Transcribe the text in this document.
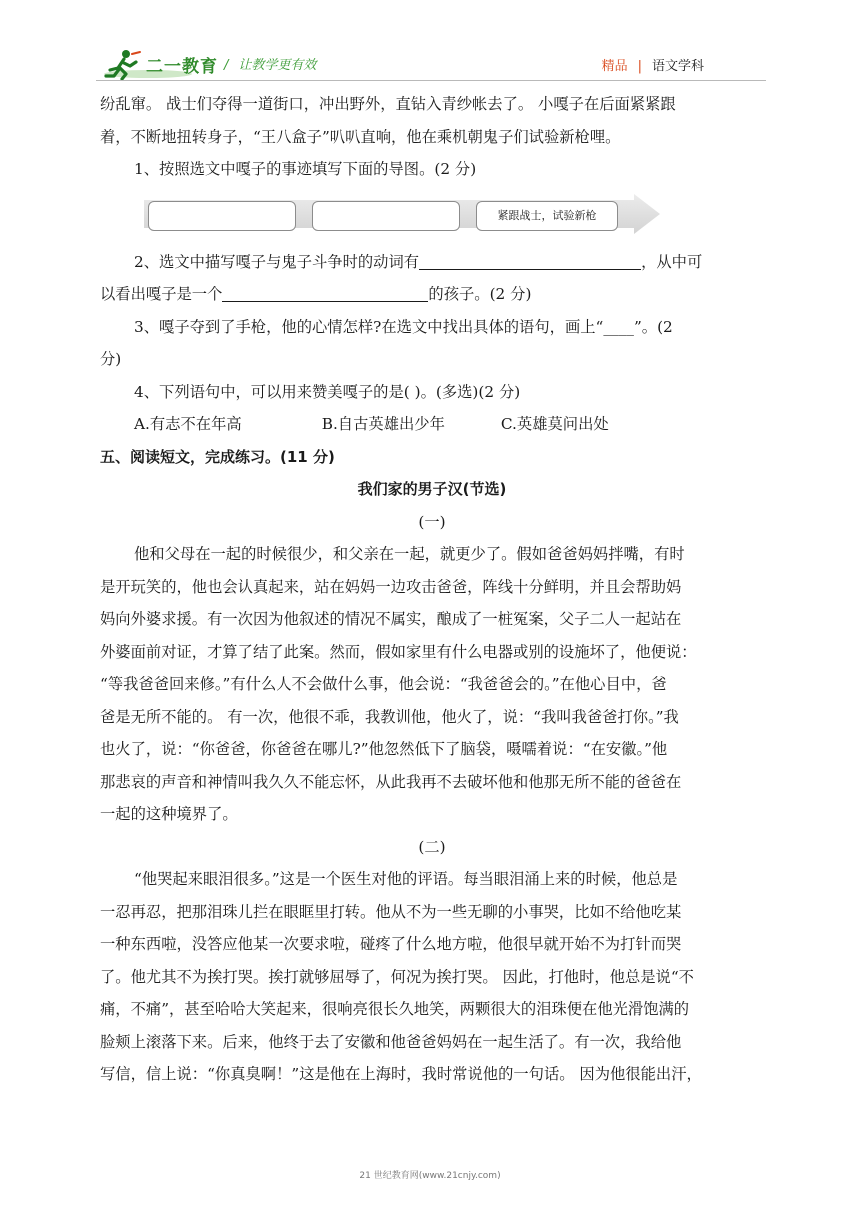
二一教育 / 让教学更有效	精品 | 语文学科
纷乱窜。 战士们夺得一道街口，冲出野外，直钻入青纱帐去了。 小嘎子在后面紧紧跟
着，不断地扭转身子，“王八盒子”叭叭直响，他在乘机朝鬼子们试验新枪哩。
1、按照选文中嘎子的事迹填写下面的导图。(2 分)
紧跟战士，试验新枪
2、选文中描写嘎子与鬼子斗争时的动词有	，从中可
以看出嘎子是一个	的孩子。(2 分)
3、嘎子夺到了手枪，他的心情怎样?在选文中找出具体的语句，画上“____”。(2
分)
4、下列语句中，可以用来赞美嘎子的是( )。(多选)(2 分)
A.有志不在年高	B.自古英雄出少年	C.英雄莫问出处
五、阅读短文，完成练习。(11 分)
我们家的男子汉(节选)
(一)
他和父母在一起的时候很少，和父亲在一起，就更少了。假如爸爸妈妈拌嘴，有时
是开玩笑的，他也会认真起来，站在妈妈一边攻击爸爸，阵线十分鲜明，并且会帮助妈
妈向外婆求援。有一次因为他叙述的情况不属实，酿成了一桩冤案，父子二人一起站在
外婆面前对证，才算了结了此案。然而，假如家里有什么电器或别的设施坏了，他便说：
“等我爸爸回来修。”有什么人不会做什么事，他会说：“我爸爸会的。”在他心目中，爸
爸是无所不能的。 有一次，他很不乖，我教训他，他火了，说：“我叫我爸爸打你。”我
也火了，说：“你爸爸，你爸爸在哪儿?”他忽然低下了脑袋，嗫嚅着说：“在安徽。”他
那悲哀的声音和神情叫我久久不能忘怀，从此我再不去破坏他和他那无所不能的爸爸在
一起的这种境界了。
(二)
“他哭起来眼泪很多。”这是一个医生对他的评语。每当眼泪涌上来的时候，他总是
一忍再忍，把那泪珠儿拦在眼眶里打转。他从不为一些无聊的小事哭，比如不给他吃某
一种东西啦，没答应他某一次要求啦，碰疼了什么地方啦，他很早就开始不为打针而哭
了。他尤其不为挨打哭。挨打就够屈辱了，何况为挨打哭。 因此，打他时，他总是说“不
痛，不痛”，甚至哈哈大笑起来，很响亮很长久地笑，两颗很大的泪珠便在他光滑饱满的
脸颊上滚落下来。后来，他终于去了安徽和他爸爸妈妈在一起生活了。有一次，我给他
写信，信上说：“你真臭啊！”这是他在上海时，我时常说他的一句话。 因为他很能出汗，
21 世纪教育网(www.21cnjy.com)
